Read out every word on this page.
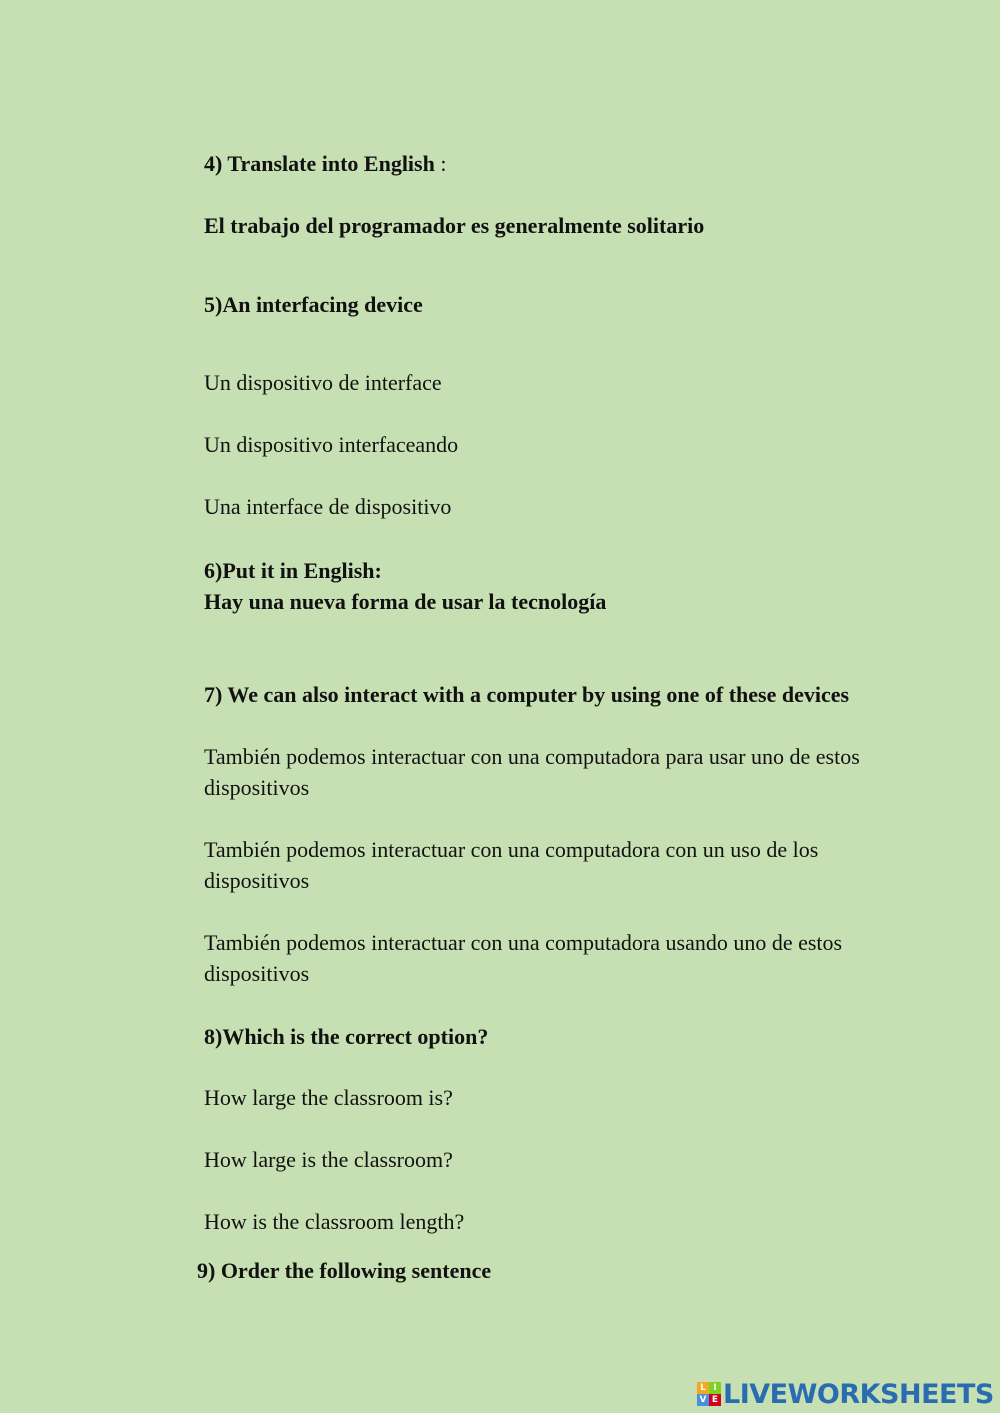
4) Translate into English :
El trabajo del programador es generalmente solitario
5)An interfacing device
Un dispositivo de interface
Un dispositivo interfaceando
Una interface de dispositivo
6)Put it in English:
Hay una nueva forma de usar la tecnología
7) We can also interact with a computer by using one of these devices
También podemos interactuar con una computadora para usar uno de estos dispositivos
También podemos interactuar con una computadora con un uso de los dispositivos
También podemos interactuar con una computadora usando uno de estos dispositivos
8)Which is the correct option?
How large the classroom is?
How large is the classroom?
How is the classroom length?
9) Order the following sentence
L I
V E LIVEWORKSHEETS
